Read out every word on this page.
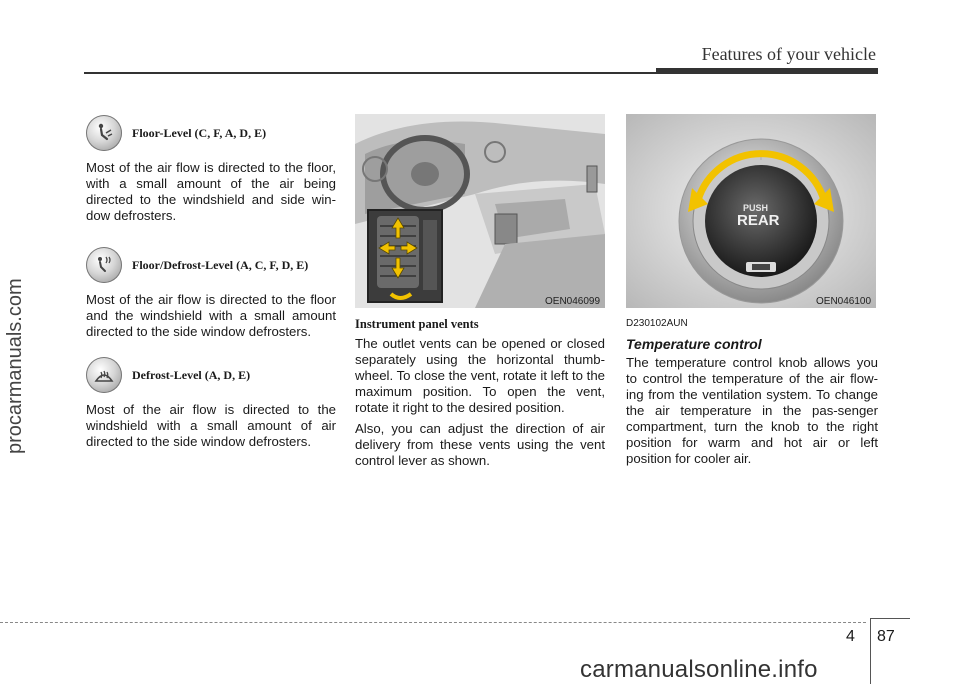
Features of your vehicle
procarmanuals.com
Floor-Level (C, F, A, D, E)

Most of the air flow is directed to the floor, with a small amount of the air being directed to the windshield and side win-dow defrosters.

Floor/Defrost-Level (A, C, F, D, E)

Most of the air flow is directed to the floor and the windshield with a small amount directed to the side window defrosters.

Defrost-Level (A, D, E)

Most of the air flow is directed to the windshield with a small amount of air directed to the side window defrosters.

OEN046099

Instrument panel vents

The outlet vents can be opened or closed separately using the horizontal thumb-wheel. To close the vent, rotate it left to the maximum position. To open the vent, rotate it right to the desired position.

Also, you can adjust the direction of air delivery from these vents using the vent control lever as shown.

PUSH
REAR
OEN046100

D230102AUN

Temperature control

The temperature control knob allows you to control the temperature of the air flow-ing from the ventilation system. To change the air temperature in the pas-senger compartment, turn the knob to the right position for warm and hot air or left position for cooler air.

4 87
carmanualsonline.info
